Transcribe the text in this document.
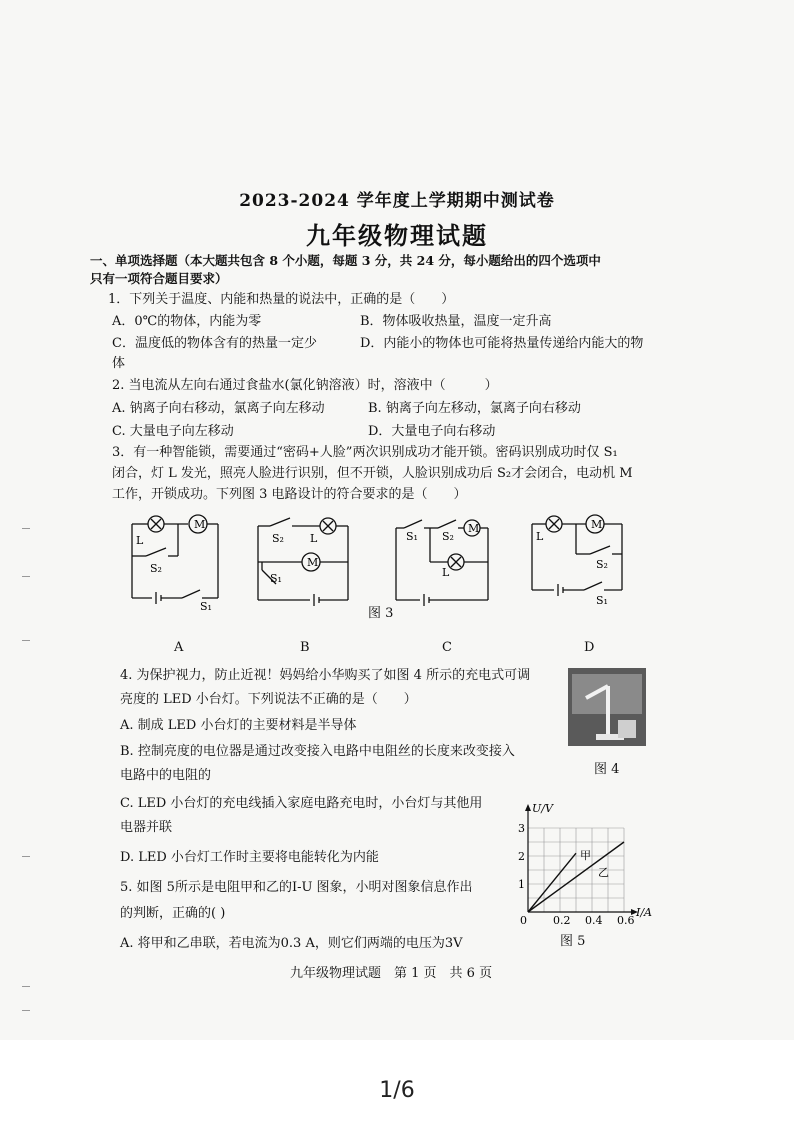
2023-2024 学年度上学期期中测试卷
九年级物理试题
一、单项选择题（本大题共包含 8 个小题，每题 3 分，共 24 分，每小题给出的四个选项中
只有一项符合题目要求）
1．下列关于温度、内能和热量的说法中，正确的是（　　）
A．0℃的物体，内能为零	B．物体吸收热量，温度一定升高
C．温度低的物体含有的热量一定少	D．内能小的物体也可能将热量传递给内能大的物
体
2. 当电流从左向右通过食盐水(氯化钠溶液）时，溶液中（　　　）
A. 钠离子向右移动，氯离子向左移动	B. 钠离子向左移动，氯离子向右移动
C. 大量电子向左移动	D．大量电子向右移动
3．有一种智能锁，需要通过“密码+人脸”两次识别成功才能开锁。密码识别成功时仅 S₁
闭合，灯 L 发光，照亮人脸进行识别，但不开锁，人脸识别成功后 S₂才会闭合，电动机 M
工作，开锁成功。下列图 3 电路设计的符合要求的是（　　）
M
L
S₂
S₁
M
S₂ L
S₁
M
S₁ S₂
L
M
L
S₂
S₁
图 3
A	B	C	D
4. 为保护视力，防止近视！妈妈给小华购买了如图 4 所示的充电式可调
亮度的 LED 小台灯。下列说法不正确的是（　　）
A. 制成 LED 小台灯的主要材料是半导体
B. 控制亮度的电位器是通过改变接入电路中电阻丝的长度来改变接入
电路中的电阻的
C. LED 小台灯的充电线插入家庭电路充电时，小台灯与其他用
电器并联
D. LED 小台灯工作时主要将电能转化为内能
图 4
5. 如图 5所示是电阻甲和乙的I-U 图象，小明对图象信息作出
的判断，正确的( )
A. 将甲和乙串联，若电流为0.3 A，则它们两端的电压为3V
U/V
I/A
0 0.2 0.4 0.6
1
2
3
甲
乙
图 5
九年级物理试题　第 1 页　共 6 页
1/6
